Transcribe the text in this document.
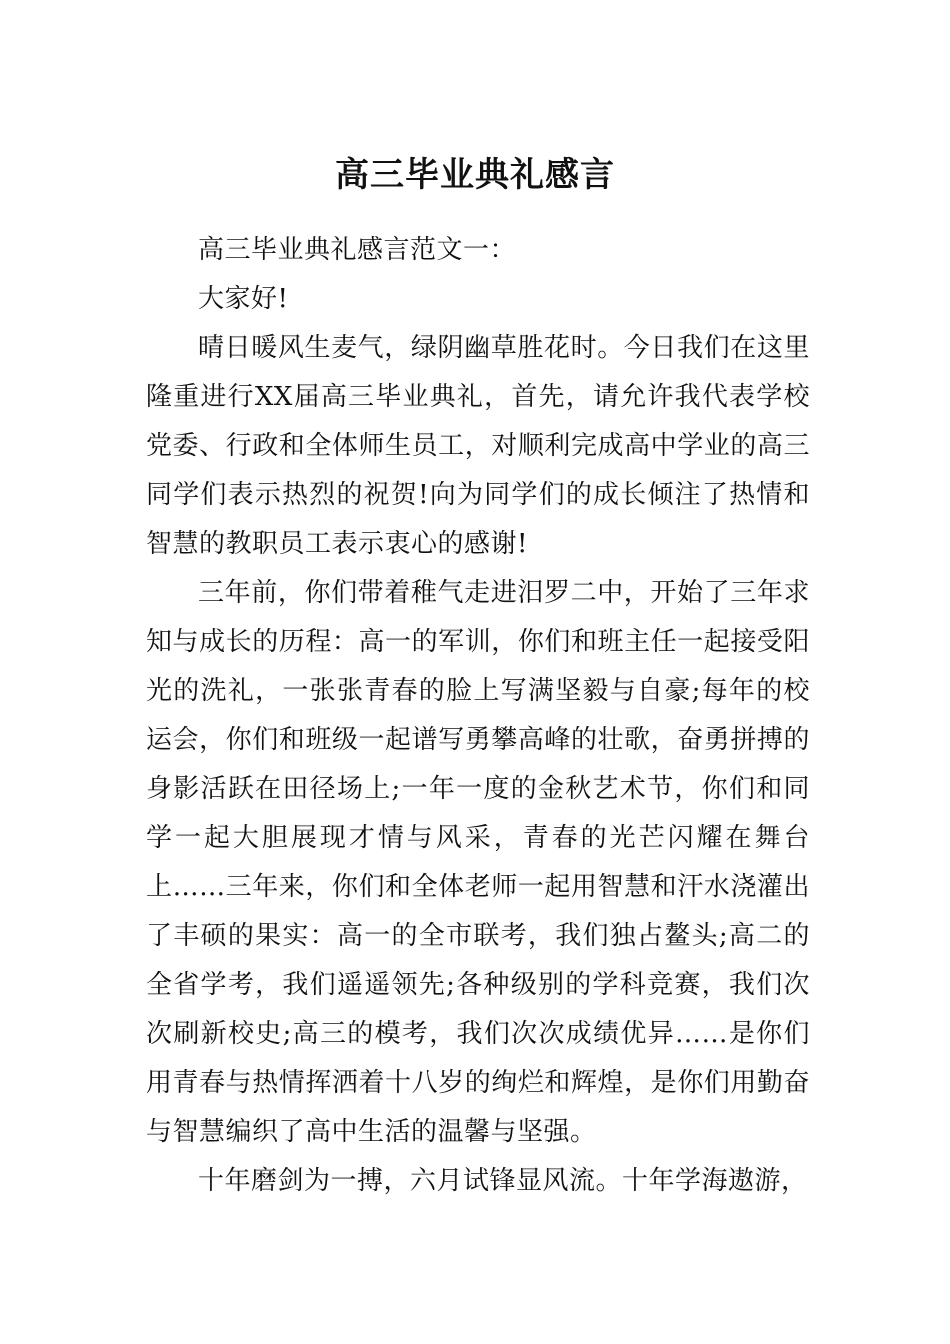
高三毕业典礼感言

高三毕业典礼感言范文一：

大家好!

晴日暖风生麦气，绿阴幽草胜花时。今日我们在这里隆重进行XX届高三毕业典礼，首先，请允许我代表学校党委、行政和全体师生员工，对顺利完成高中学业的高三同学们表示热烈的祝贺!向为同学们的成长倾注了热情和智慧的教职员工表示衷心的感谢!

三年前，你们带着稚气走进汨罗二中，开始了三年求知与成长的历程：高一的军训，你们和班主任一起接受阳光的洗礼，一张张青春的脸上写满坚毅与自豪;每年的校运会，你们和班级一起谱写勇攀高峰的壮歌，奋勇拼搏的身影活跃在田径场上;一年一度的金秋艺术节，你们和同学一起大胆展现才情与风采，青春的光芒闪耀在舞台上……三年来，你们和全体老师一起用智慧和汗水浇灌出了丰硕的果实：高一的全市联考，我们独占鳌头;高二的全省学考，我们遥遥领先;各种级别的学科竞赛，我们次次刷新校史;高三的模考，我们次次成绩优异……是你们用青春与热情挥洒着十八岁的绚烂和辉煌，是你们用勤奋与智慧编织了高中生活的温馨与坚强。

十年磨剑为一搏，六月试锋显风流。十年学海遨游，
